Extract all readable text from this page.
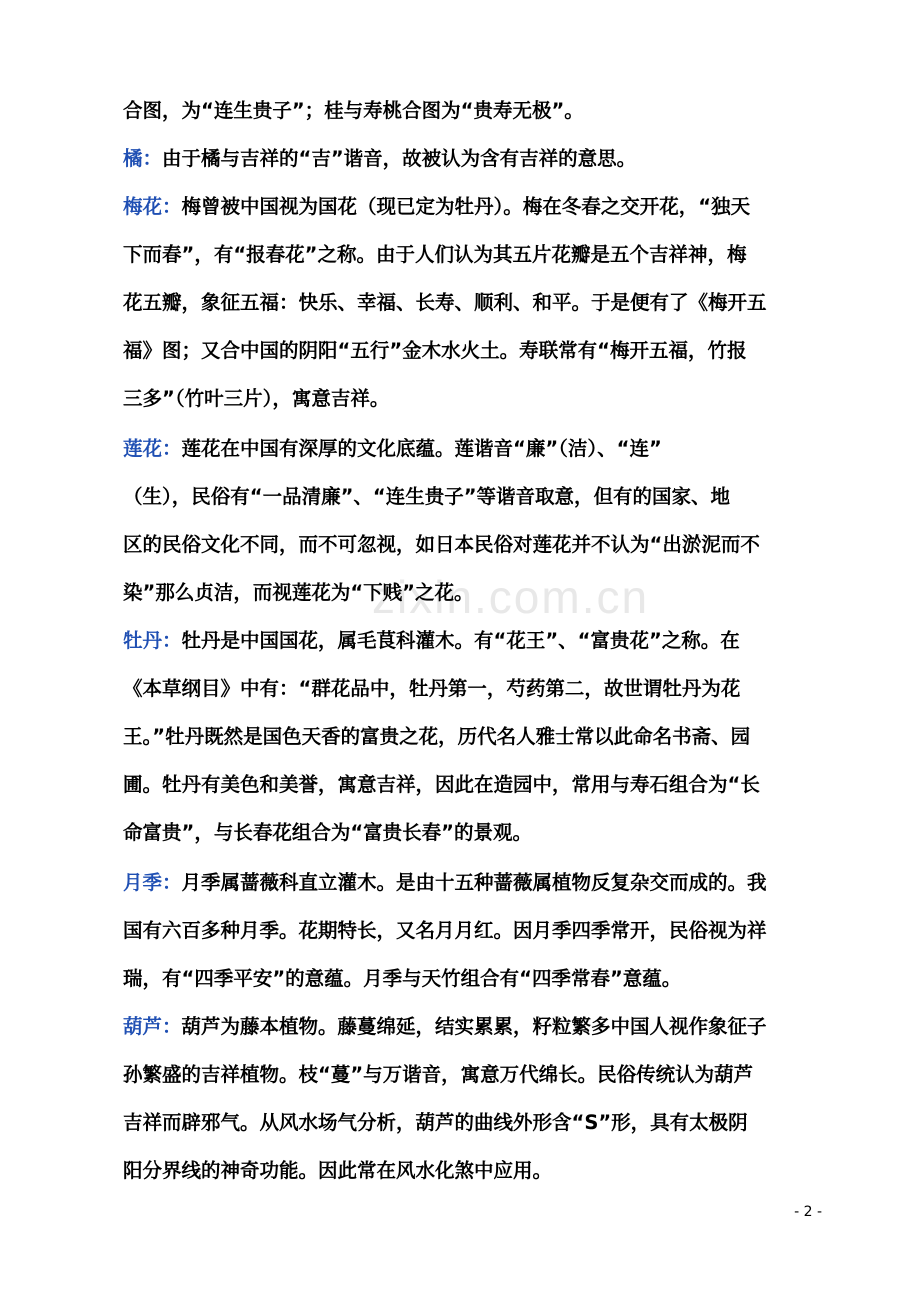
zixin.com.cn
合图，为“连生贵子”；桂与寿桃合图为“贵寿无极”。
橘：由于橘与吉祥的“吉”谐音，故被认为含有吉祥的意思。
梅花：梅曾被中国视为国花（现已定为牡丹）。梅在冬春之交开花，“独天
下而春”，有“报春花”之称。由于人们认为其五片花瓣是五个吉祥神，梅
花五瓣，象征五福：快乐、幸福、长寿、顺利、和平。于是便有了《梅开五
福》图；又合中国的阴阳“五行”金木水火土。寿联常有“梅开五福，竹报
三多”（竹叶三片），寓意吉祥。
莲花：莲花在中国有深厚的文化底蕴。莲谐音“廉”（洁）、“连”
（生），民俗有“一品清廉”、“连生贵子”等谐音取意，但有的国家、地
区的民俗文化不同，而不可忽视，如日本民俗对莲花并不认为“出淤泥而不
染”那么贞洁，而视莲花为“下贱”之花。
牡丹：牡丹是中国国花，属毛茛科灌木。有“花王”、“富贵花”之称。在
《本草纲目》中有：“群花品中，牡丹第一，芍药第二，故世谓牡丹为花
王。”牡丹既然是国色天香的富贵之花，历代名人雅士常以此命名书斋、园
圃。牡丹有美色和美誉，寓意吉祥，因此在造园中，常用与寿石组合为“长
命富贵”，与长春花组合为“富贵长春”的景观。
月季：月季属蔷薇科直立灌木。是由十五种蔷薇属植物反复杂交而成的。我
国有六百多种月季。花期特长，又名月月红。因月季四季常开，民俗视为祥
瑞，有“四季平安”的意蕴。月季与天竹组合有“四季常春”意蕴。
葫芦：葫芦为藤本植物。藤蔓绵延，结实累累，籽粒繁多中国人视作象征子
孙繁盛的吉祥植物。枝“蔓”与万谐音，寓意万代绵长。民俗传统认为葫芦
吉祥而辟邪气。从风水场气分析，葫芦的曲线外形含“S”形，具有太极阴
阳分界线的神奇功能。因此常在风水化煞中应用。
- 2 -
